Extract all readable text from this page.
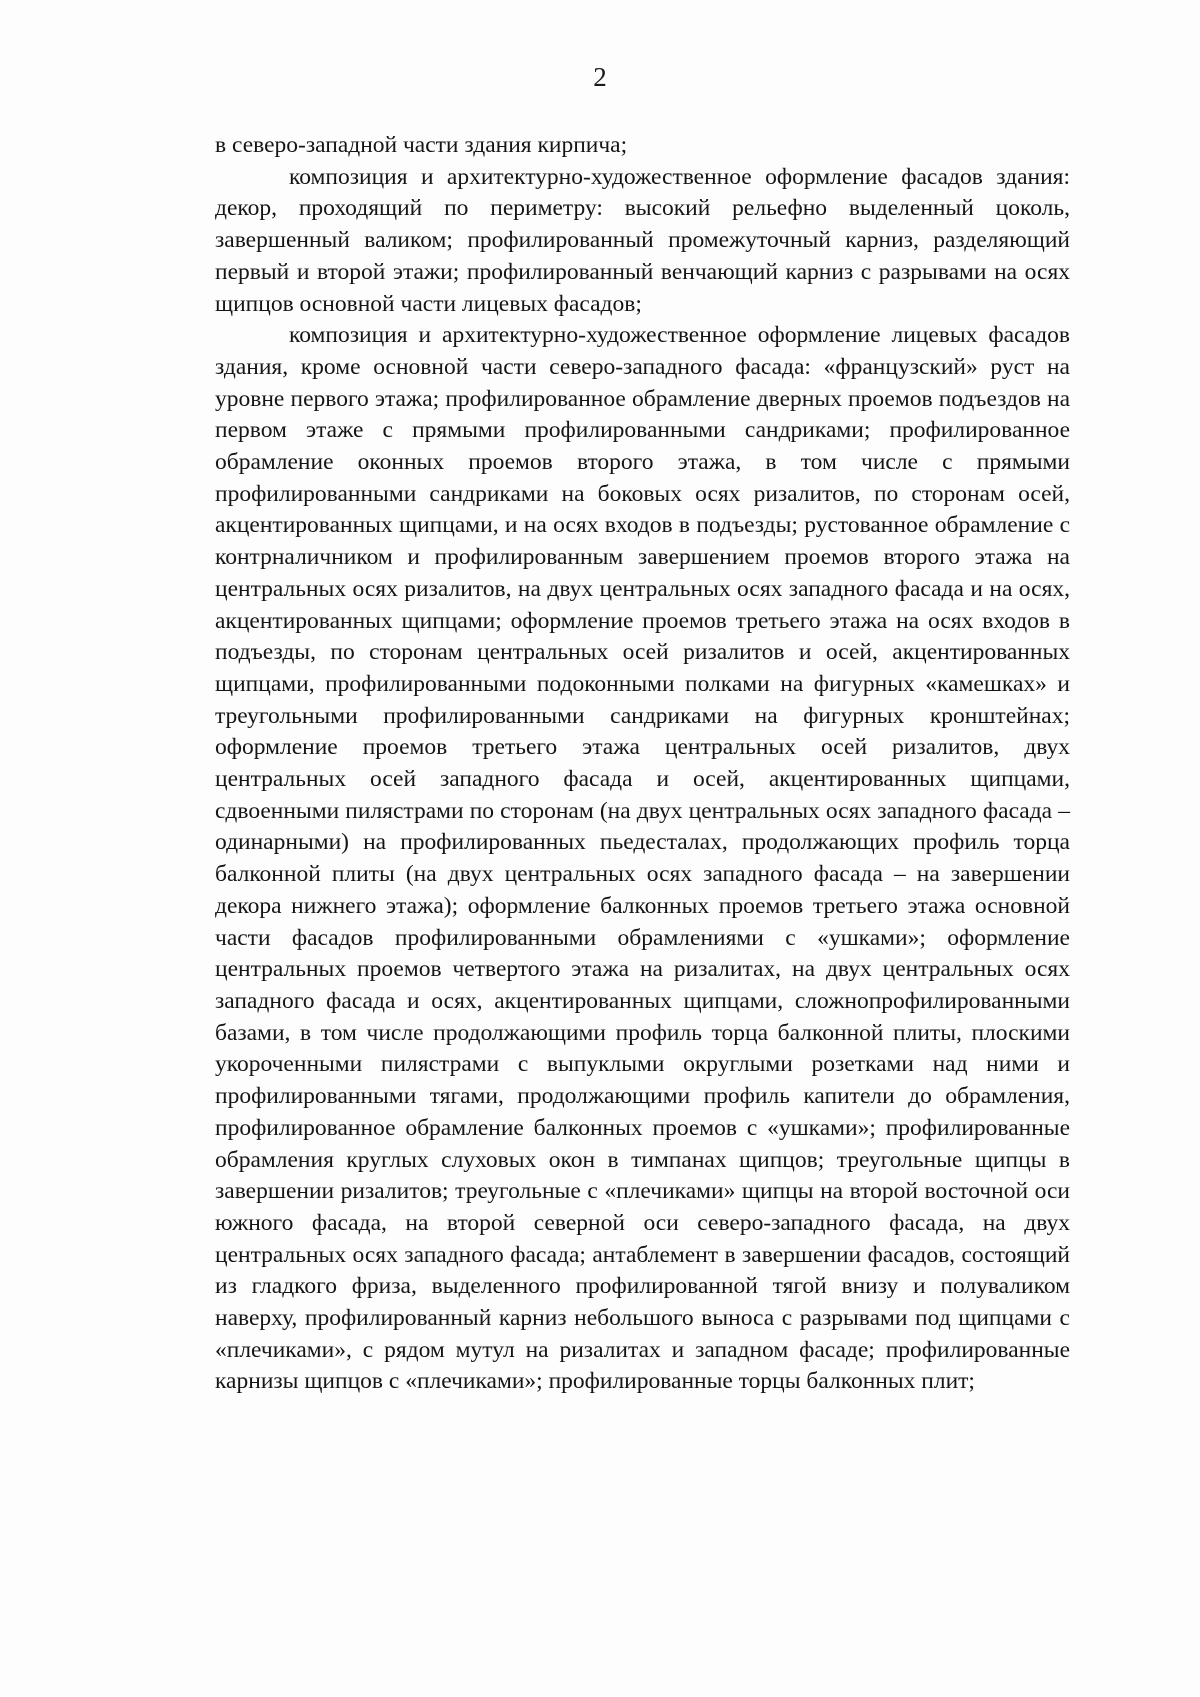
2

в северо-западной части здания кирпича;

композиция и архитектурно-художественное оформление фасадов здания: декор, проходящий по периметру: высокий рельефно выделенный цоколь, завершенный валиком; профилированный промежуточный карниз, разделяющий первый и второй этажи; профилированный венчающий карниз с разрывами на осях щипцов основной части лицевых фасадов;

композиция и архитектурно-художественное оформление лицевых фасадов здания, кроме основной части северо-западного фасада: «французский» руст на уровне первого этажа; профилированное обрамление дверных проемов подъездов на первом этаже с прямыми профилированными сандриками; профилированное обрамление оконных проемов второго этажа, в том числе с прямыми профилированными сандриками на боковых осях ризалитов, по сторонам осей, акцентированных щипцами, и на осях входов в подъезды; рустованное обрамление с контрналичником и профилированным завершением проемов второго этажа на центральных осях ризалитов, на двух центральных осях западного фасада и на осях, акцентированных щипцами; оформление проемов третьего этажа на осях входов в подъезды, по сторонам центральных осей ризалитов и осей, акцентированных щипцами, профилированными подоконными полками на фигурных «камешках» и треугольными профилированными сандриками на фигурных кронштейнах; оформление проемов третьего этажа центральных осей ризалитов, двух центральных осей западного фасада и осей, акцентированных щипцами, сдвоенными пилястрами по сторонам (на двух центральных осях западного фасада – одинарными) на профилированных пьедесталах, продолжающих профиль торца балконной плиты (на двух центральных осях западного фасада – на завершении декора нижнего этажа); оформление балконных проемов третьего этажа основной части фасадов профилированными обрамлениями с «ушками»; оформление центральных проемов четвертого этажа на ризалитах, на двух центральных осях западного фасада и осях, акцентированных щипцами, сложнопрофилированными базами, в том числе продолжающими профиль торца балконной плиты, плоскими укороченными пилястрами с выпуклыми округлыми розетками над ними и профилированными тягами, продолжающими профиль капители до обрамления, профилированное обрамление балконных проемов с «ушками»; профилированные обрамления круглых слуховых окон в тимпанах щипцов; треугольные щипцы в завершении ризалитов; треугольные с «плечиками» щипцы на второй восточной оси южного фасада, на второй северной оси северо-западного фасада, на двух центральных осях западного фасада; антаблемент в завершении фасадов, состоящий из гладкого фриза, выделенного профилированной тягой внизу и полуваликом наверху, профилированный карниз небольшого выноса с разрывами под щипцами с «плечиками», с рядом мутул на ризалитах и западном фасаде; профилированные карнизы щипцов с «плечиками»; профилированные торцы балконных плит;
